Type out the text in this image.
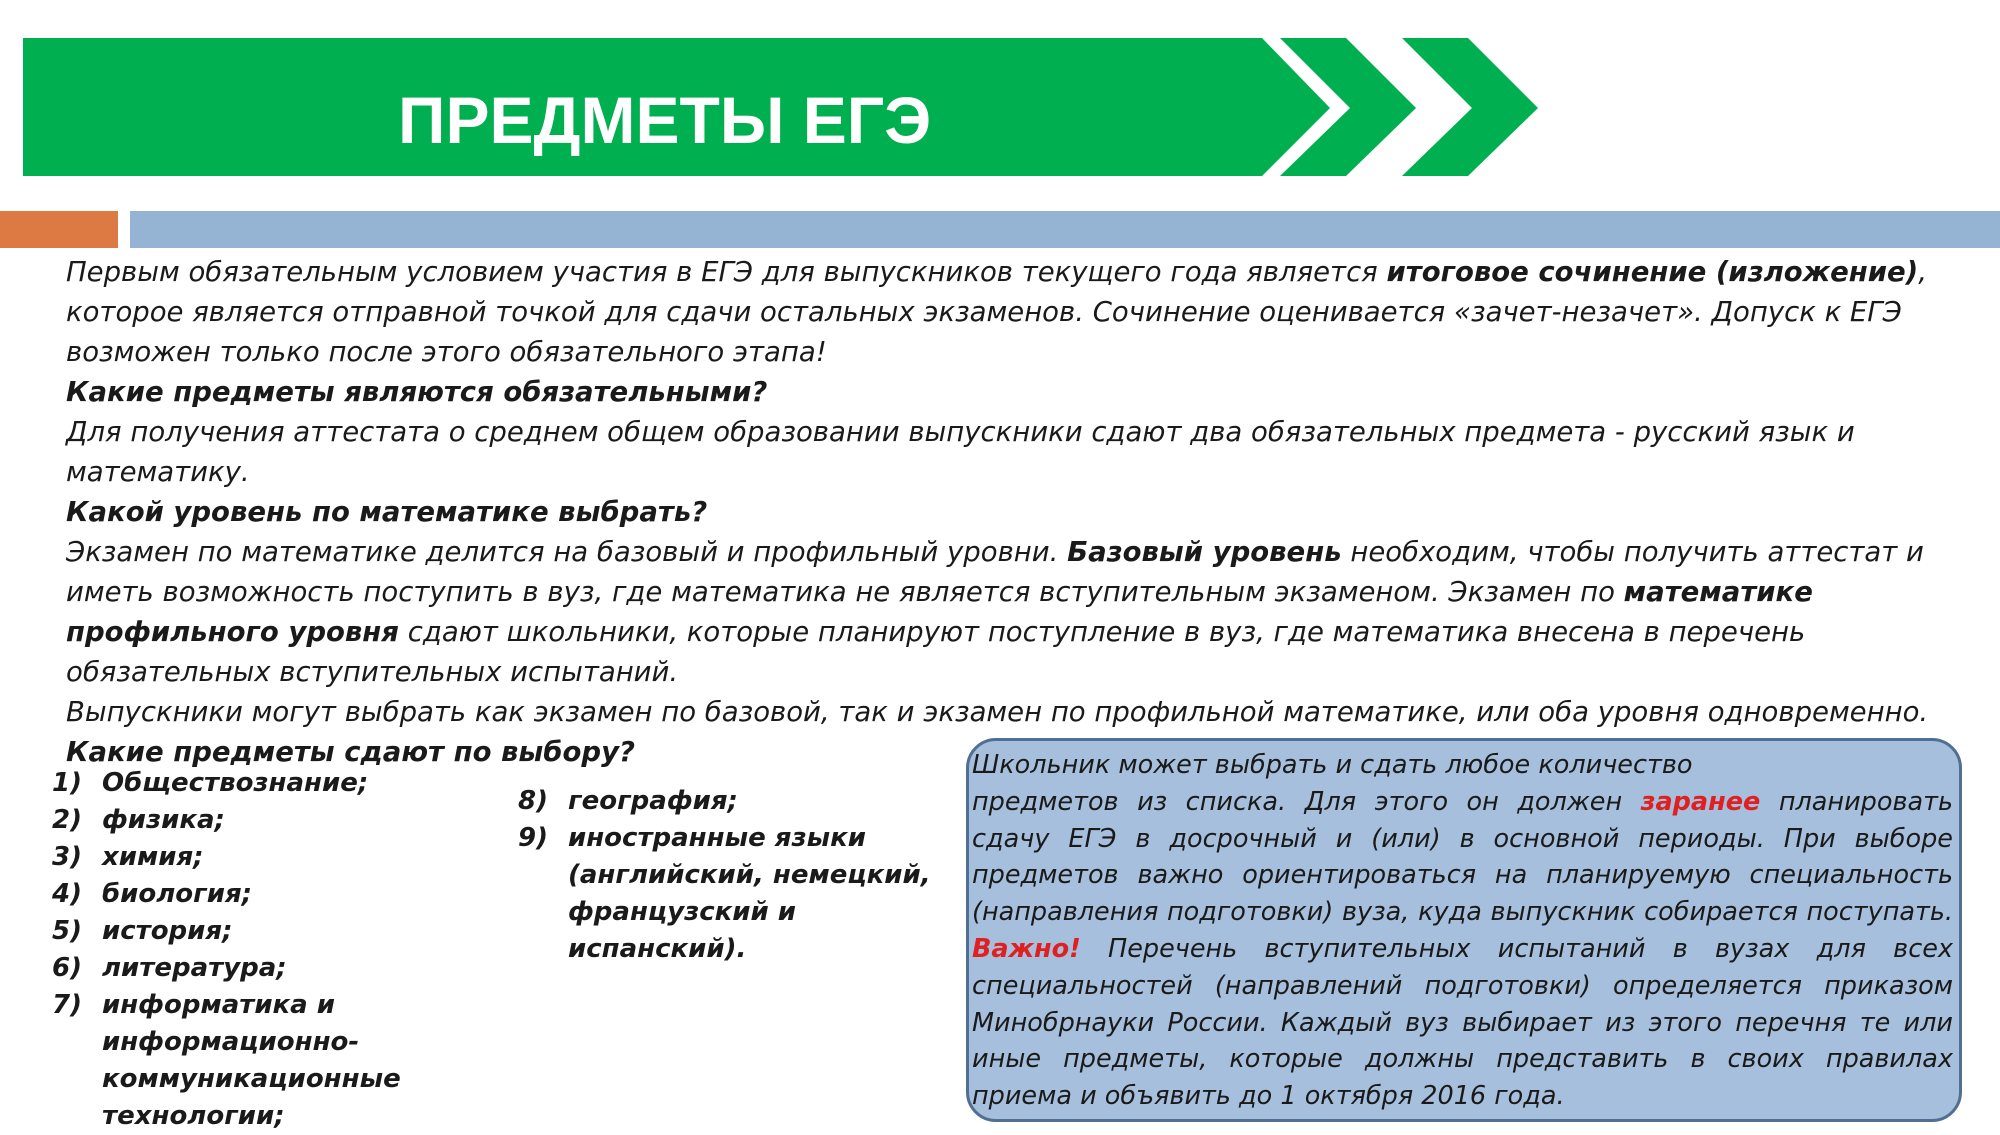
ПРЕДМЕТЫ ЕГЭ

Первым обязательным условием участия в ЕГЭ для выпускников текущего года является итоговое сочинение (изложение), которое является отправной точкой для сдачи остальных экзаменов. Сочинение оценивается «зачет-незачет». Допуск к ЕГЭ возможен только после этого обязательного этапа!

Какие предметы являются обязательными?

Для получения аттестата о среднем общем образовании выпускники сдают два обязательных предмета - русский язык и математику.

Какой уровень по математике выбрать?

Экзамен по математике делится на базовый и профильный уровни. Базовый уровень необходим, чтобы получить аттестат и иметь возможность поступить в вуз, где математика не является вступительным экзаменом. Экзамен по математике профильного уровня сдают школьники, которые планируют поступление в вуз, где математика внесена в перечень обязательных вступительных испытаний.

Выпускники могут выбрать как экзамен по базовой, так и экзамен по профильной математике, или оба уровня одновременно.

Какие предметы сдают по выбору?

1) Обществознание;
2) физика;
3) химия;
4) биология;
5) история;
6) литература;
7) информатика и информационно-коммуникационные технологии;
8) география;
9) иностранные языки (английский, немецкий, французский и испанский).

Школьник может выбрать и сдать любое количество

предметов из списка. Для этого он должен заранее планировать сдачу ЕГЭ в досрочный и (или) в основной периоды. При выборе предметов важно ориентироваться на планируемую специальность (направления подготовки) вуза, куда выпускник собирается поступать. Важно! Перечень вступительных испытаний в вузах для всех специальностей (направлений подготовки) определяется приказом Минобрнауки России. Каждый вуз выбирает из этого перечня те или иные предметы, которые должны представить в своих правилах приема и объявить до 1 октября 2016 года.
